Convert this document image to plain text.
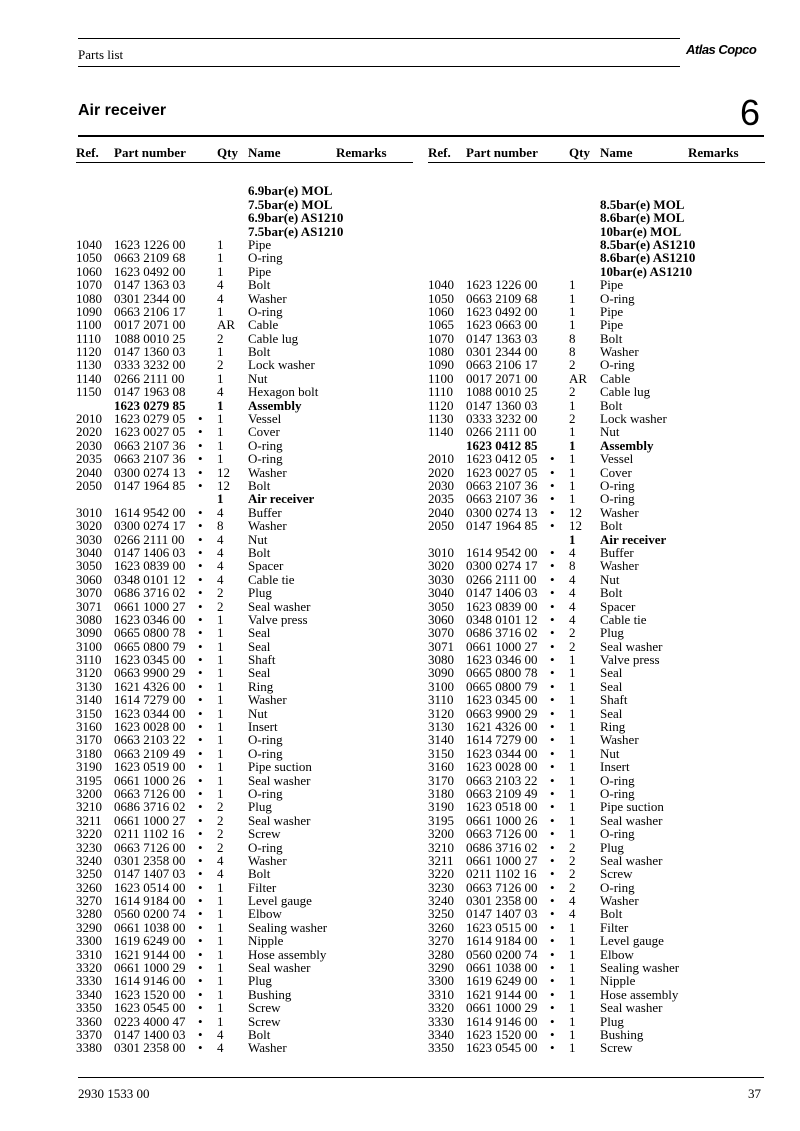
Parts list	Atlas Copco
Air receiver	6
Ref. Part number Qty Name	Remarks
6.9bar(e) MOL
7.5bar(e) MOL
6.9bar(e) AS1210
7.5bar(e) AS1210
1040 1623 1226 00 1 Pipe
1050 0663 2109 68 1 O-ring
1060 1623 0492 00 1 Pipe
1070 0147 1363 03 4 Bolt
1080 0301 2344 00 4 Washer
1090 0663 2106 17 1 O-ring
1100 0017 2071 00 AR Cable
1110 1088 0010 25 2 Cable lug
1120 0147 1360 03 1 Bolt
1130 0333 3232 00 2 Lock washer
1140 0266 2111 00 1 Nut
1150 0147 1963 08 4 Hexagon bolt
1623 0279 85 1 Assembly
2010 1623 0279 05 • 1 Vessel
2020 1623 0027 05 • 1 Cover
2030 0663 2107 36 • 1 O-ring
2035 0663 2107 36 • 1 O-ring
2040 0300 0274 13 • 12 Washer
2050 0147 1964 85 • 12 Bolt
1 Air receiver
3010 1614 9542 00 • 4 Buffer
3020 0300 0274 17 • 8 Washer
3030 0266 2111 00 • 4 Nut
3040 0147 1406 03 • 4 Bolt
3050 1623 0839 00 • 4 Spacer
3060 0348 0101 12 • 4 Cable tie
3070 0686 3716 02 • 2 Plug
3071 0661 1000 27 • 2 Seal washer
3080 1623 0346 00 • 1 Valve press
3090 0665 0800 78 • 1 Seal
3100 0665 0800 79 • 1 Seal
3110 1623 0345 00 • 1 Shaft
3120 0663 9900 29 • 1 Seal
3130 1621 4326 00 • 1 Ring
3140 1614 7279 00 • 1 Washer
3150 1623 0344 00 • 1 Nut
3160 1623 0028 00 • 1 Insert
3170 0663 2103 22 • 1 O-ring
3180 0663 2109 49 • 1 O-ring
3190 1623 0519 00 • 1 Pipe suction
3195 0661 1000 26 • 1 Seal washer
3200 0663 7126 00 • 1 O-ring
3210 0686 3716 02 • 2 Plug
3211 0661 1000 27 • 2 Seal washer
3220 0211 1102 16 • 2 Screw
3230 0663 7126 00 • 2 O-ring
3240 0301 2358 00 • 4 Washer
3250 0147 1407 03 • 4 Bolt
3260 1623 0514 00 • 1 Filter
3270 1614 9184 00 • 1 Level gauge
3280 0560 0200 74 • 1 Elbow
3290 0661 1038 00 • 1 Sealing washer
3300 1619 6249 00 • 1 Nipple
3310 1621 9144 00 • 1 Hose assembly
3320 0661 1000 29 • 1 Seal washer
3330 1614 9146 00 • 1 Plug
3340 1623 1520 00 • 1 Bushing
3350 1623 0545 00 • 1 Screw
3360 0223 4000 47 • 1 Screw
3370 0147 1400 03 • 4 Bolt
3380 0301 2358 00 • 4 Washer
Ref. Part number Qty Name	Remarks
8.5bar(e) MOL
8.6bar(e) MOL
10bar(e) MOL
8.5bar(e) AS1210
8.6bar(e) AS1210
10bar(e) AS1210
1040 1623 1226 00 1 Pipe
1050 0663 2109 68 1 O-ring
1060 1623 0492 00 1 Pipe
1065 1623 0663 00 1 Pipe
1070 0147 1363 03 8 Bolt
1080 0301 2344 00 8 Washer
1090 0663 2106 17 2 O-ring
1100 0017 2071 00 AR Cable
1110 1088 0010 25 2 Cable lug
1120 0147 1360 03 1 Bolt
1130 0333 3232 00 2 Lock washer
1140 0266 2111 00 1 Nut
1623 0412 85 1 Assembly
2010 1623 0412 05 • 1 Vessel
2020 1623 0027 05 • 1 Cover
2030 0663 2107 36 • 1 O-ring
2035 0663 2107 36 • 1 O-ring
2040 0300 0274 13 • 12 Washer
2050 0147 1964 85 • 12 Bolt
1 Air receiver
3010 1614 9542 00 • 4 Buffer
3020 0300 0274 17 • 8 Washer
3030 0266 2111 00 • 4 Nut
3040 0147 1406 03 • 4 Bolt
3050 1623 0839 00 • 4 Spacer
3060 0348 0101 12 • 4 Cable tie
3070 0686 3716 02 • 2 Plug
3071 0661 1000 27 • 2 Seal washer
3080 1623 0346 00 • 1 Valve press
3090 0665 0800 78 • 1 Seal
3100 0665 0800 79 • 1 Seal
3110 1623 0345 00 • 1 Shaft
3120 0663 9900 29 • 1 Seal
3130 1621 4326 00 • 1 Ring
3140 1614 7279 00 • 1 Washer
3150 1623 0344 00 • 1 Nut
3160 1623 0028 00 • 1 Insert
3170 0663 2103 22 • 1 O-ring
3180 0663 2109 49 • 1 O-ring
3190 1623 0518 00 • 1 Pipe suction
3195 0661 1000 26 • 1 Seal washer
3200 0663 7126 00 • 1 O-ring
3210 0686 3716 02 • 2 Plug
3211 0661 1000 27 • 2 Seal washer
3220 0211 1102 16 • 2 Screw
3230 0663 7126 00 • 2 O-ring
3240 0301 2358 00 • 4 Washer
3250 0147 1407 03 • 4 Bolt
3260 1623 0515 00 • 1 Filter
3270 1614 9184 00 • 1 Level gauge
3280 0560 0200 74 • 1 Elbow
3290 0661 1038 00 • 1 Sealing washer
3300 1619 6249 00 • 1 Nipple
3310 1621 9144 00 • 1 Hose assembly
3320 0661 1000 29 • 1 Seal washer
3330 1614 9146 00 • 1 Plug
3340 1623 1520 00 • 1 Bushing
3350 1623 0545 00 • 1 Screw
2930 1533 00	37
